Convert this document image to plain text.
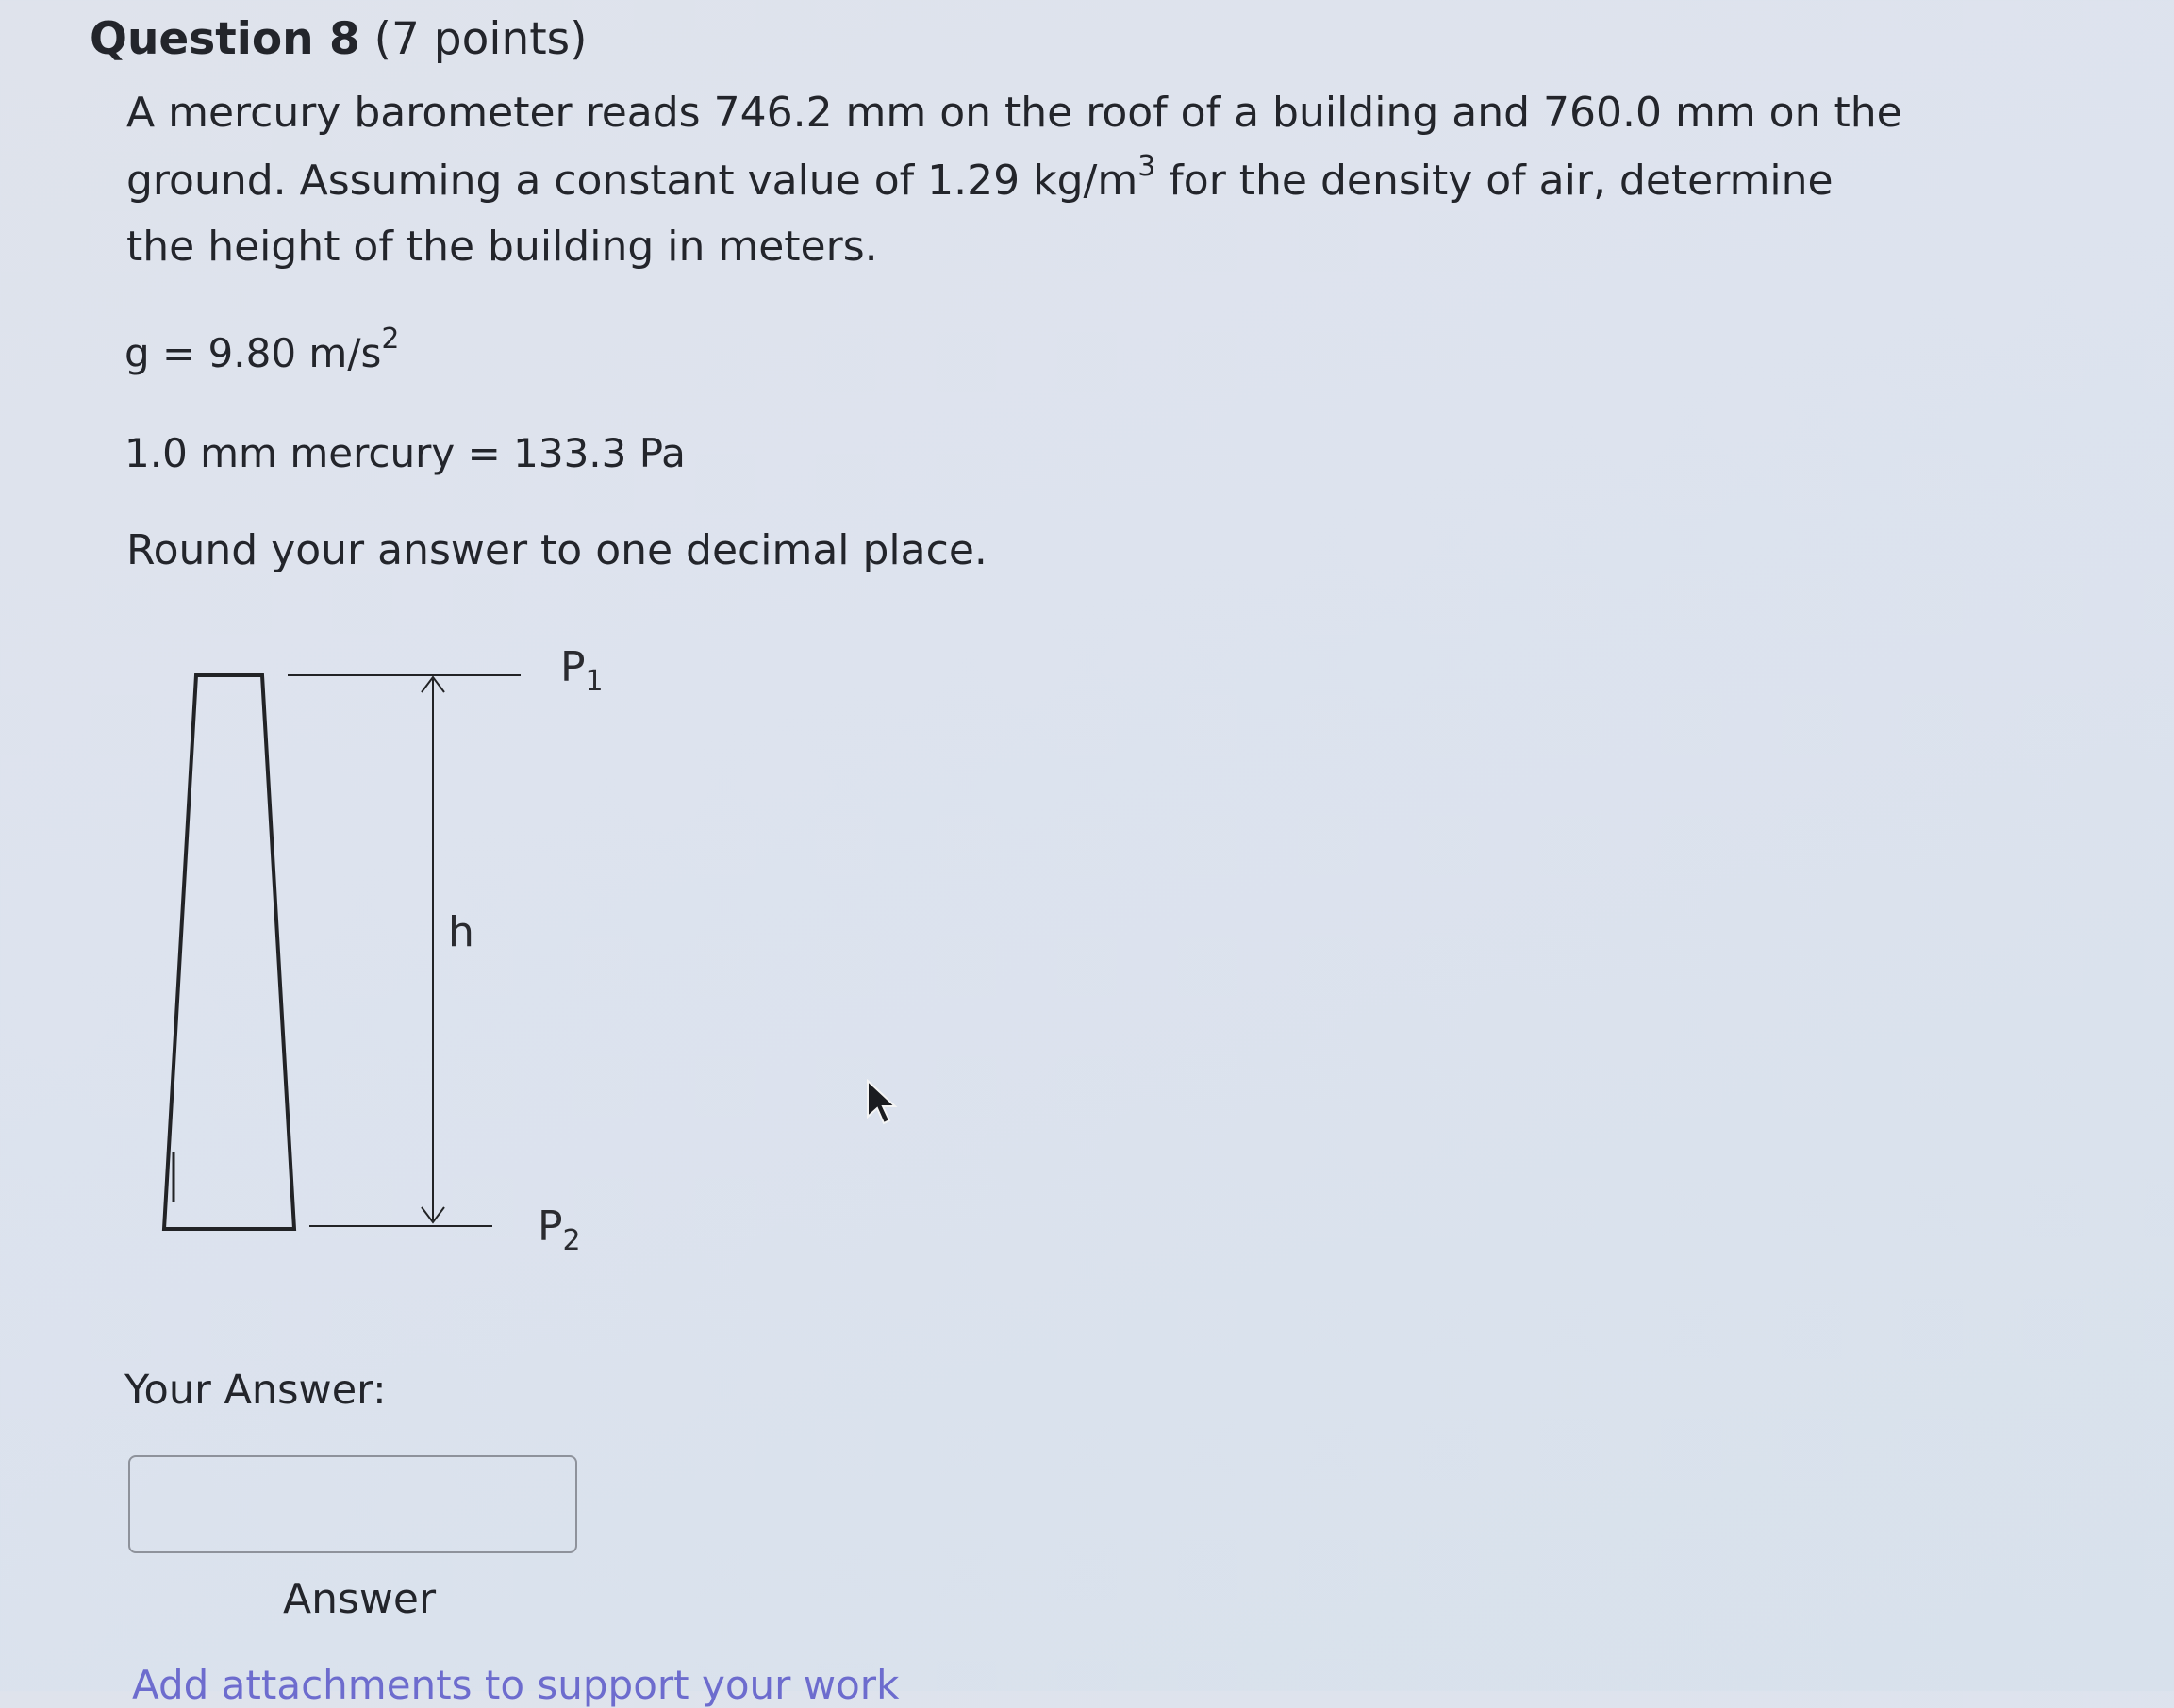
Question 8 (7 points)
A mercury barometer reads 746.2 mm on the roof of a building and 760.0 mm on the
ground. Assuming a constant value of 1.29 $kg/m^3$ for the density of air, determine
the height of the building in meters.
g = 9.80 $m/s^2$
1.0 mm mercury = 133.3 Pa
Round your answer to one decimal place.
h
$P_1$
$P_2$
Your Answer:
Answer
Add attachments to support your work
